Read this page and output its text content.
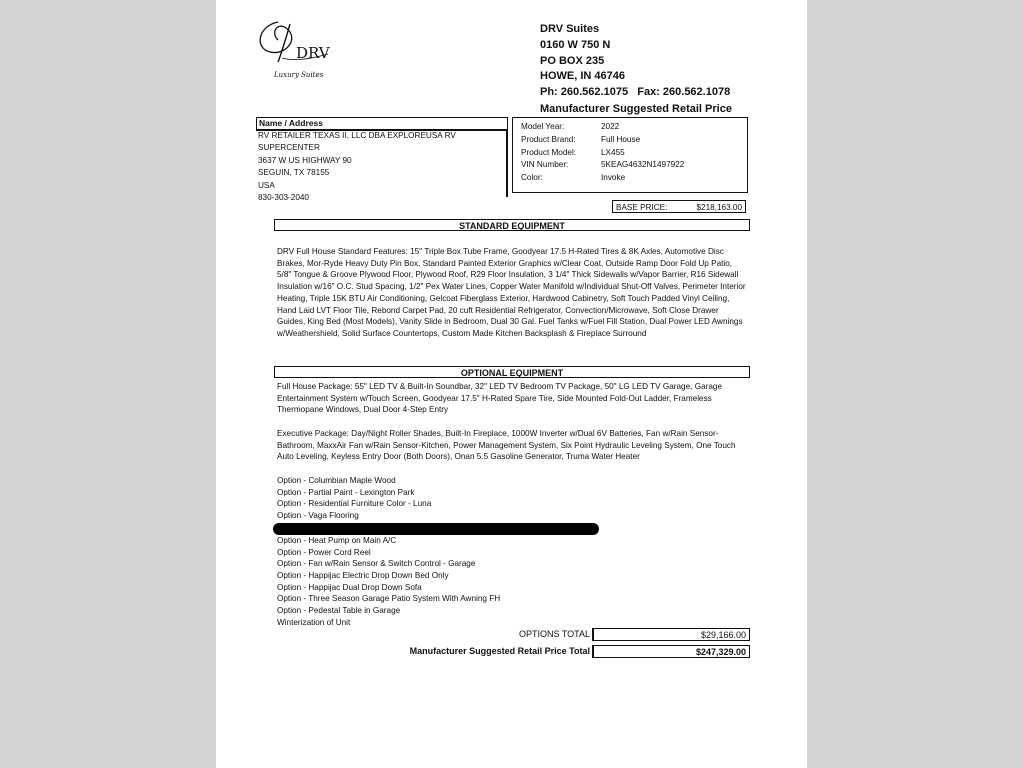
DRV
Luxury Suites
DRV Suites
0160 W 750 N
PO BOX 235
HOWE, IN 46746
Ph: 260.562.1075   Fax: 260.562.1078
Manufacturer Suggested Retail Price
Name / Address
RV RETAILER TEXAS II, LLC DBA EXPLOREUSA RV
SUPERCENTER
3637 W US HIGHWAY 90
SEGUIN, TX 78155
USA
830-303-2040
Model Year:	2022
Product Brand:	Full House
Product Model:	LX455
VIN Number:	5KEAG4632N1497922
Color:	Invoke
BASE PRICE:	$218,163.00
STANDARD EQUIPMENT
DRV Full House Standard Features: 15" Triple Box Tube Frame, Goodyear 17.5 H-Rated Tires & 8K Axles, Automotive Disc Brakes, Mor-Ryde Heavy Duty Pin Box, Standard Painted Exterior Graphics w/Clear Coat, Outside Ramp Door Fold Up Patio, 5/8" Tongue & Groove Plywood Floor, Plywood Roof, R29 Floor Insulation, 3 1/4" Thick Sidewalls w/Vapor Barrier, R16 Sidewall Insulation w/16" O.C. Stud Spacing, 1/2" Pex Water Lines, Copper Water Manifold w/Individual Shut-Off Valves, Perimeter Interior Heating, Triple 15K BTU Air Conditioning, Gelcoat Fiberglass Exterior, Hardwood Cabinetry, Soft Touch Padded Vinyl Ceiling, Hand Laid LVT Floor Tile, Rebond Carpet Pad, 20 cuft Residential Refrigerator, Convection/Microwave, Soft Close Drawer Guides, King Bed (Most Models), Vanity Slide in Bedroom, Dual 30 Gal. Fuel Tanks w/Fuel Fill Station, Dual Power LED Awnings w/Weathershield, Solid Surface Countertops, Custom Made Kitchen Backsplash & Fireplace Surround
OPTIONAL EQUIPMENT
Full House Package: 55" LED TV & Built-In Soundbar, 32" LED TV Bedroom TV Package, 50" LG LED TV Garage, Garage Entertainment System w/Touch Screen, Goodyear 17.5" H-Rated Spare Tire, Side Mounted Fold-Out Ladder, Frameless Thermopane Windows, Dual Door 4-Step Entry
Executive Package: Day/Night Roller Shades, Built-In Fireplace, 1000W Inverter w/Dual 6V Batteries, Fan w/Rain Sensor-Bathroom, MaxxAir Fan w/Rain Sensor-Kitchen, Power Management System, Six Point Hydraulic Leveling System, One Touch Auto Leveling, Keyless Entry Door (Both Doors), Onan 5.5 Gasoline Generator, Truma Water Heater
Option - Columbian Maple Wood
Option - Partial Paint - Lexington Park
Option - Residential Furniture Color - Luna
Option - Vaga Flooring
Option - Heat Pump on Main A/C
Option - Power Cord Reel
Option - Fan w/Rain Sensor & Switch Control - Garage
Option - Happijac Electric Drop Down Bed Only
Option - Happijac Dual Drop Down Sofa
Option - Three Season Garage Patio System With Awning FH
Option - Pedestal Table in Garage
Winterization of Unit
OPTIONS TOTAL	$29,166.00
Manufacturer Suggested Retail Price Total	$247,329.00
